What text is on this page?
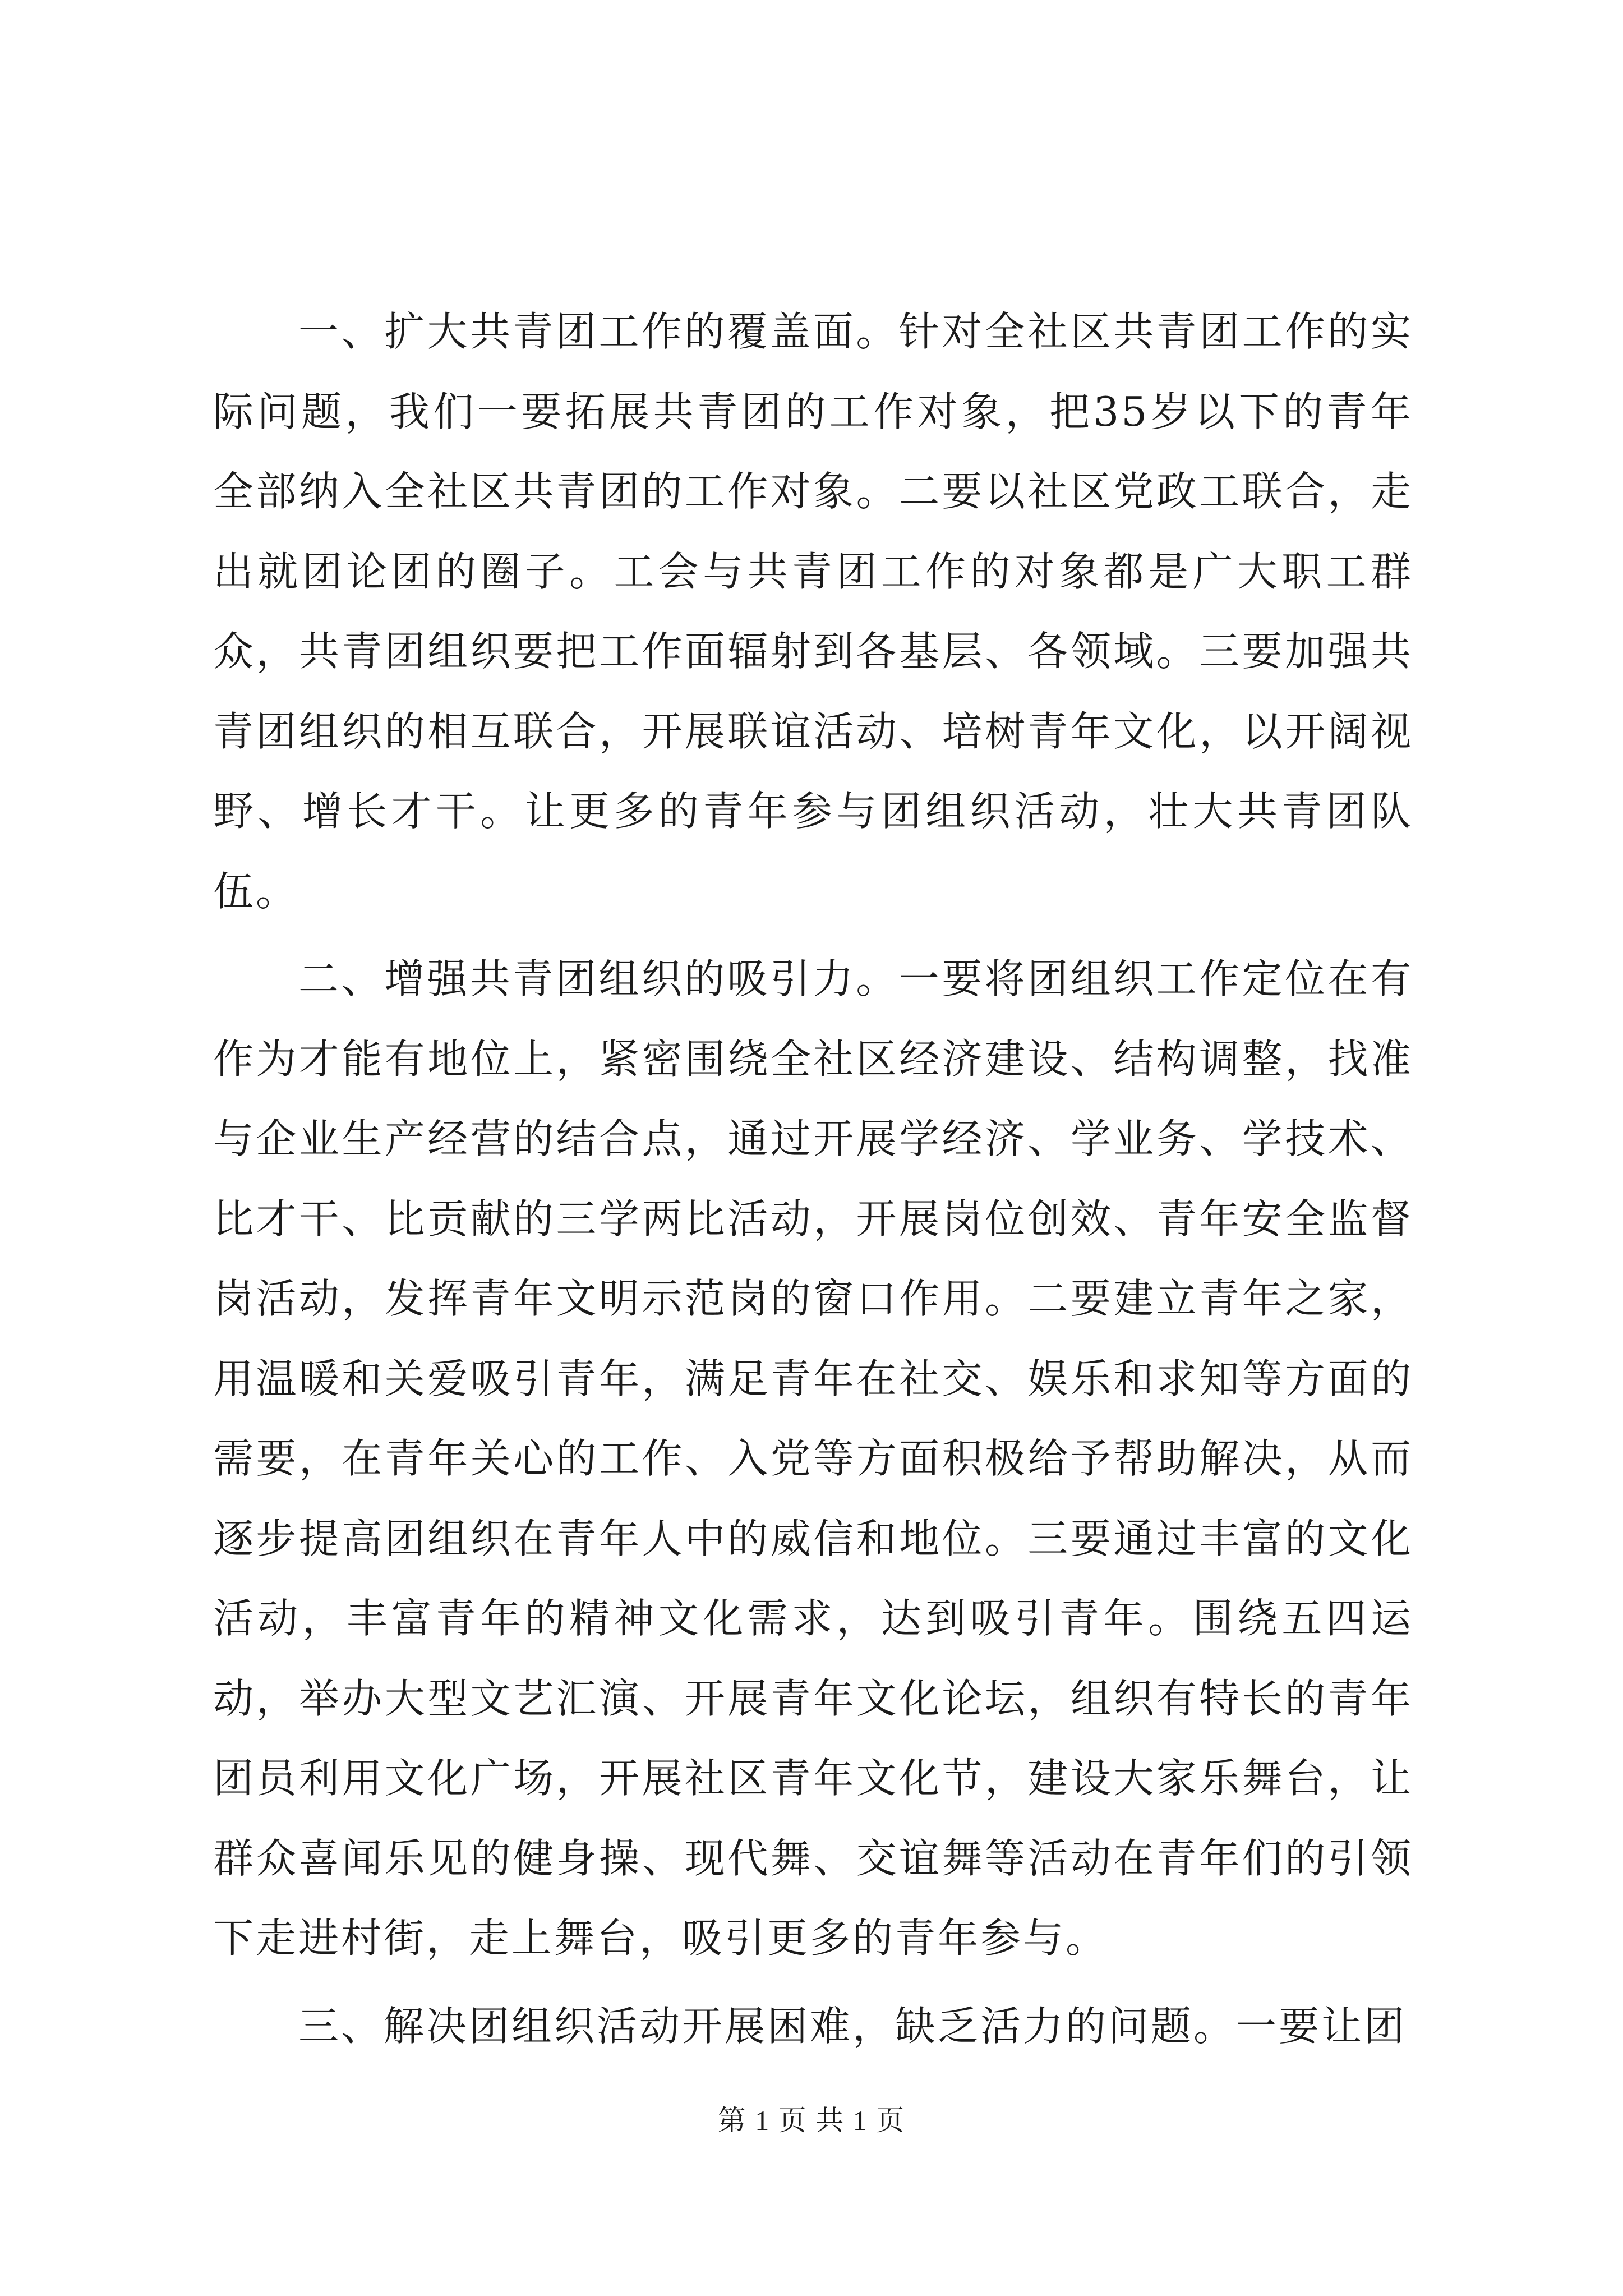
一、扩大共青团工作的覆盖面。针对全社区共青团工作的实际问题，我们一要拓展共青团的工作对象，把35岁以下的青年全部纳入全社区共青团的工作对象。二要以社区党政工联合，走出就团论团的圈子。工会与共青团工作的对象都是广大职工群众，共青团组织要把工作面辐射到各基层、各领域。三要加强共青团组织的相互联合，开展联谊活动、培树青年文化，以开阔视野、增长才干。让更多的青年参与团组织活动，壮大共青团队伍。

二、增强共青团组织的吸引力。一要将团组织工作定位在有作为才能有地位上，紧密围绕全社区经济建设、结构调整，找准与企业生产经营的结合点，通过开展学经济、学业务、学技术、比才干、比贡献的三学两比活动，开展岗位创效、青年安全监督岗活动，发挥青年文明示范岗的窗口作用。二要建立青年之家，用温暖和关爱吸引青年，满足青年在社交、娱乐和求知等方面的需要，在青年关心的工作、入党等方面积极给予帮助解决，从而逐步提高团组织在青年人中的威信和地位。三要通过丰富的文化活动，丰富青年的精神文化需求，达到吸引青年。围绕五四运动，举办大型文艺汇演、开展青年文化论坛，组织有特长的青年团员利用文化广场，开展社区青年文化节，建设大家乐舞台，让群众喜闻乐见的健身操、现代舞、交谊舞等活动在青年们的引领下走进村街，走上舞台，吸引更多的青年参与。

三、解决团组织活动开展困难，缺乏活力的问题。一要让团

第 1 页 共 1 页
